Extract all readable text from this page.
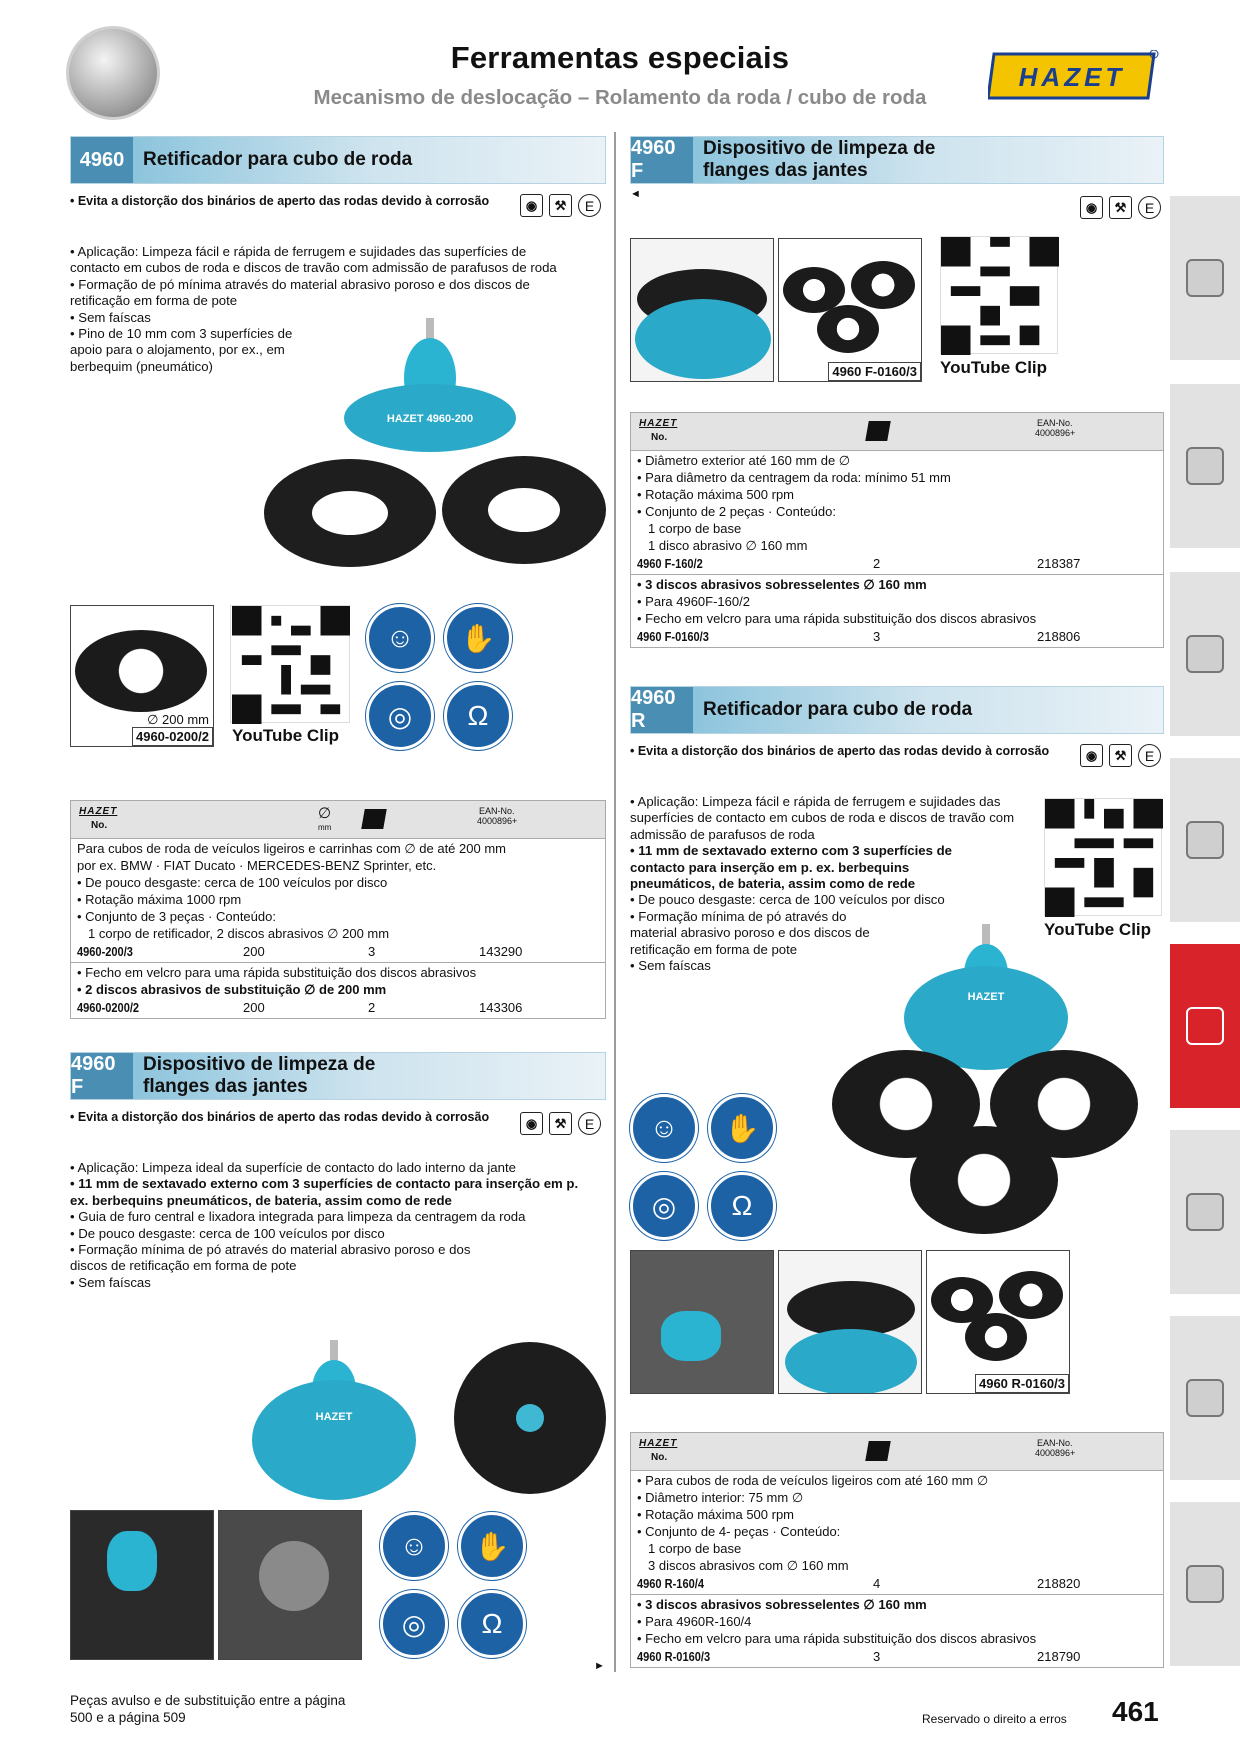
Ferramentas especiais
Mecanismo de deslocação – Rolamento da roda / cubo de roda
HAZET
4960 Retificador para cubo de roda
• Evita a distorção dos binários de aperto das rodas devido à corrosão	◉	⚒	E
• Aplicação: Limpeza fácil e rápida de ferrugem e sujidades das superfícies de contacto em cubos de roda e discos de travão com admissão de parafusos de roda
• Formação de pó mínima através do material abrasivo poroso e dos discos de retificação em forma de pote
• Sem faíscas
• Pino de 10 mm com 3 superfícies de apoio para o alojamento, por ex., em berbequim (pneumático)
HAZET 4960-200
∅ 200 mm
4960-0200/2 YouTube Clip
☺	✋
◎	Ω
HAZET
No.
∅
mm
EAN-No.
4000896+
Para cubos de roda de veículos ligeiros e carrinhas com ∅ de até 200 mm
por ex. BMW · FIAT Ducato · MERCEDES-BENZ Sprinter, etc.
• De pouco desgaste: cerca de 100 veículos por disco
• Rotação máxima 1000 rpm
• Conjunto de 3 peças · Conteúdo:
1 corpo de retificador, 2 discos abrasivos ∅ 200 mm
4960-200/3	200	3	143290
• Fecho em velcro para uma rápida substituição dos discos abrasivos
• 2 discos abrasivos de substituição ∅ de 200 mm
4960-0200/2	200	2	143306
4960 F
Dispositivo de limpeza de
flanges das jantes
• Evita a distorção dos binários de aperto das rodas devido à corrosão	◉	⚒	E
• Aplicação: Limpeza ideal da superfície de contacto do lado interno da jante
• 11 mm de sextavado externo com 3 superfícies de contacto para inserção em p. ex. berbequins pneumáticos, de bateria, assim como de rede
• Guia de furo central e lixadora integrada para limpeza da centragem da roda
• De pouco desgaste: cerca de 100 veículos por disco
• Formação mínima de pó através do material abrasivo poroso e dos discos de retificação em forma de pote
• Sem faíscas
HAZET
☺	✋
◎	Ω
►
4960 F
Dispositivo de limpeza de
flanges das jantes
◄
◉	⚒	E
4960 F-0160/3 YouTube Clip
HAZET
No.
EAN-No.
4000896+
• Diâmetro exterior até 160 mm de ∅
• Para diâmetro da centragem da roda: mínimo 51 mm
• Rotação máxima 500 rpm
• Conjunto de 2 peças · Conteúdo:
1 corpo de base
1 disco abrasivo ∅ 160 mm
4960 F-160/2	2	218387
• 3 discos abrasivos sobresselentes ∅ 160 mm
• Para 4960F-160/2
• Fecho em velcro para uma rápida substituição dos discos abrasivos
4960 F-0160/3	3	218806
4960 R
Retificador para cubo de roda
• Evita a distorção dos binários de aperto das rodas devido à corrosão	◉	⚒	E
• Aplicação: Limpeza fácil e rápida de ferrugem e sujidades das superfícies de contacto em cubos de roda e discos de travão com admissão de parafusos de roda
• 11 mm de sextavado externo com 3 superfícies de contacto para inserção em p. ex. berbequins pneumáticos, de bateria, assim como de rede
• De pouco desgaste: cerca de 100 veículos por disco
• Formação mínima de pó através do material abrasivo poroso e dos discos de retificação em forma de pote
• Sem faíscas
YouTube Clip
HAZET
☺	✋
◎	Ω
4960 R-0160/3
HAZET
No.
EAN-No.
4000896+
• Para cubos de roda de veículos ligeiros com até 160 mm ∅
• Diâmetro interior: 75 mm ∅
• Rotação máxima 500 rpm
• Conjunto de 4- peças · Conteúdo:
1 corpo de base
3 discos abrasivos com ∅ 160 mm
4960 R-160/4	4	218820
• 3 discos abrasivos sobresselentes ∅ 160 mm
• Para 4960R-160/4
• Fecho em velcro para uma rápida substituição dos discos abrasivos
4960 R-0160/3	3	218790
Peças avulso e de substituição entre a página
500 e a página 509	Reservado o direito a erros 461
